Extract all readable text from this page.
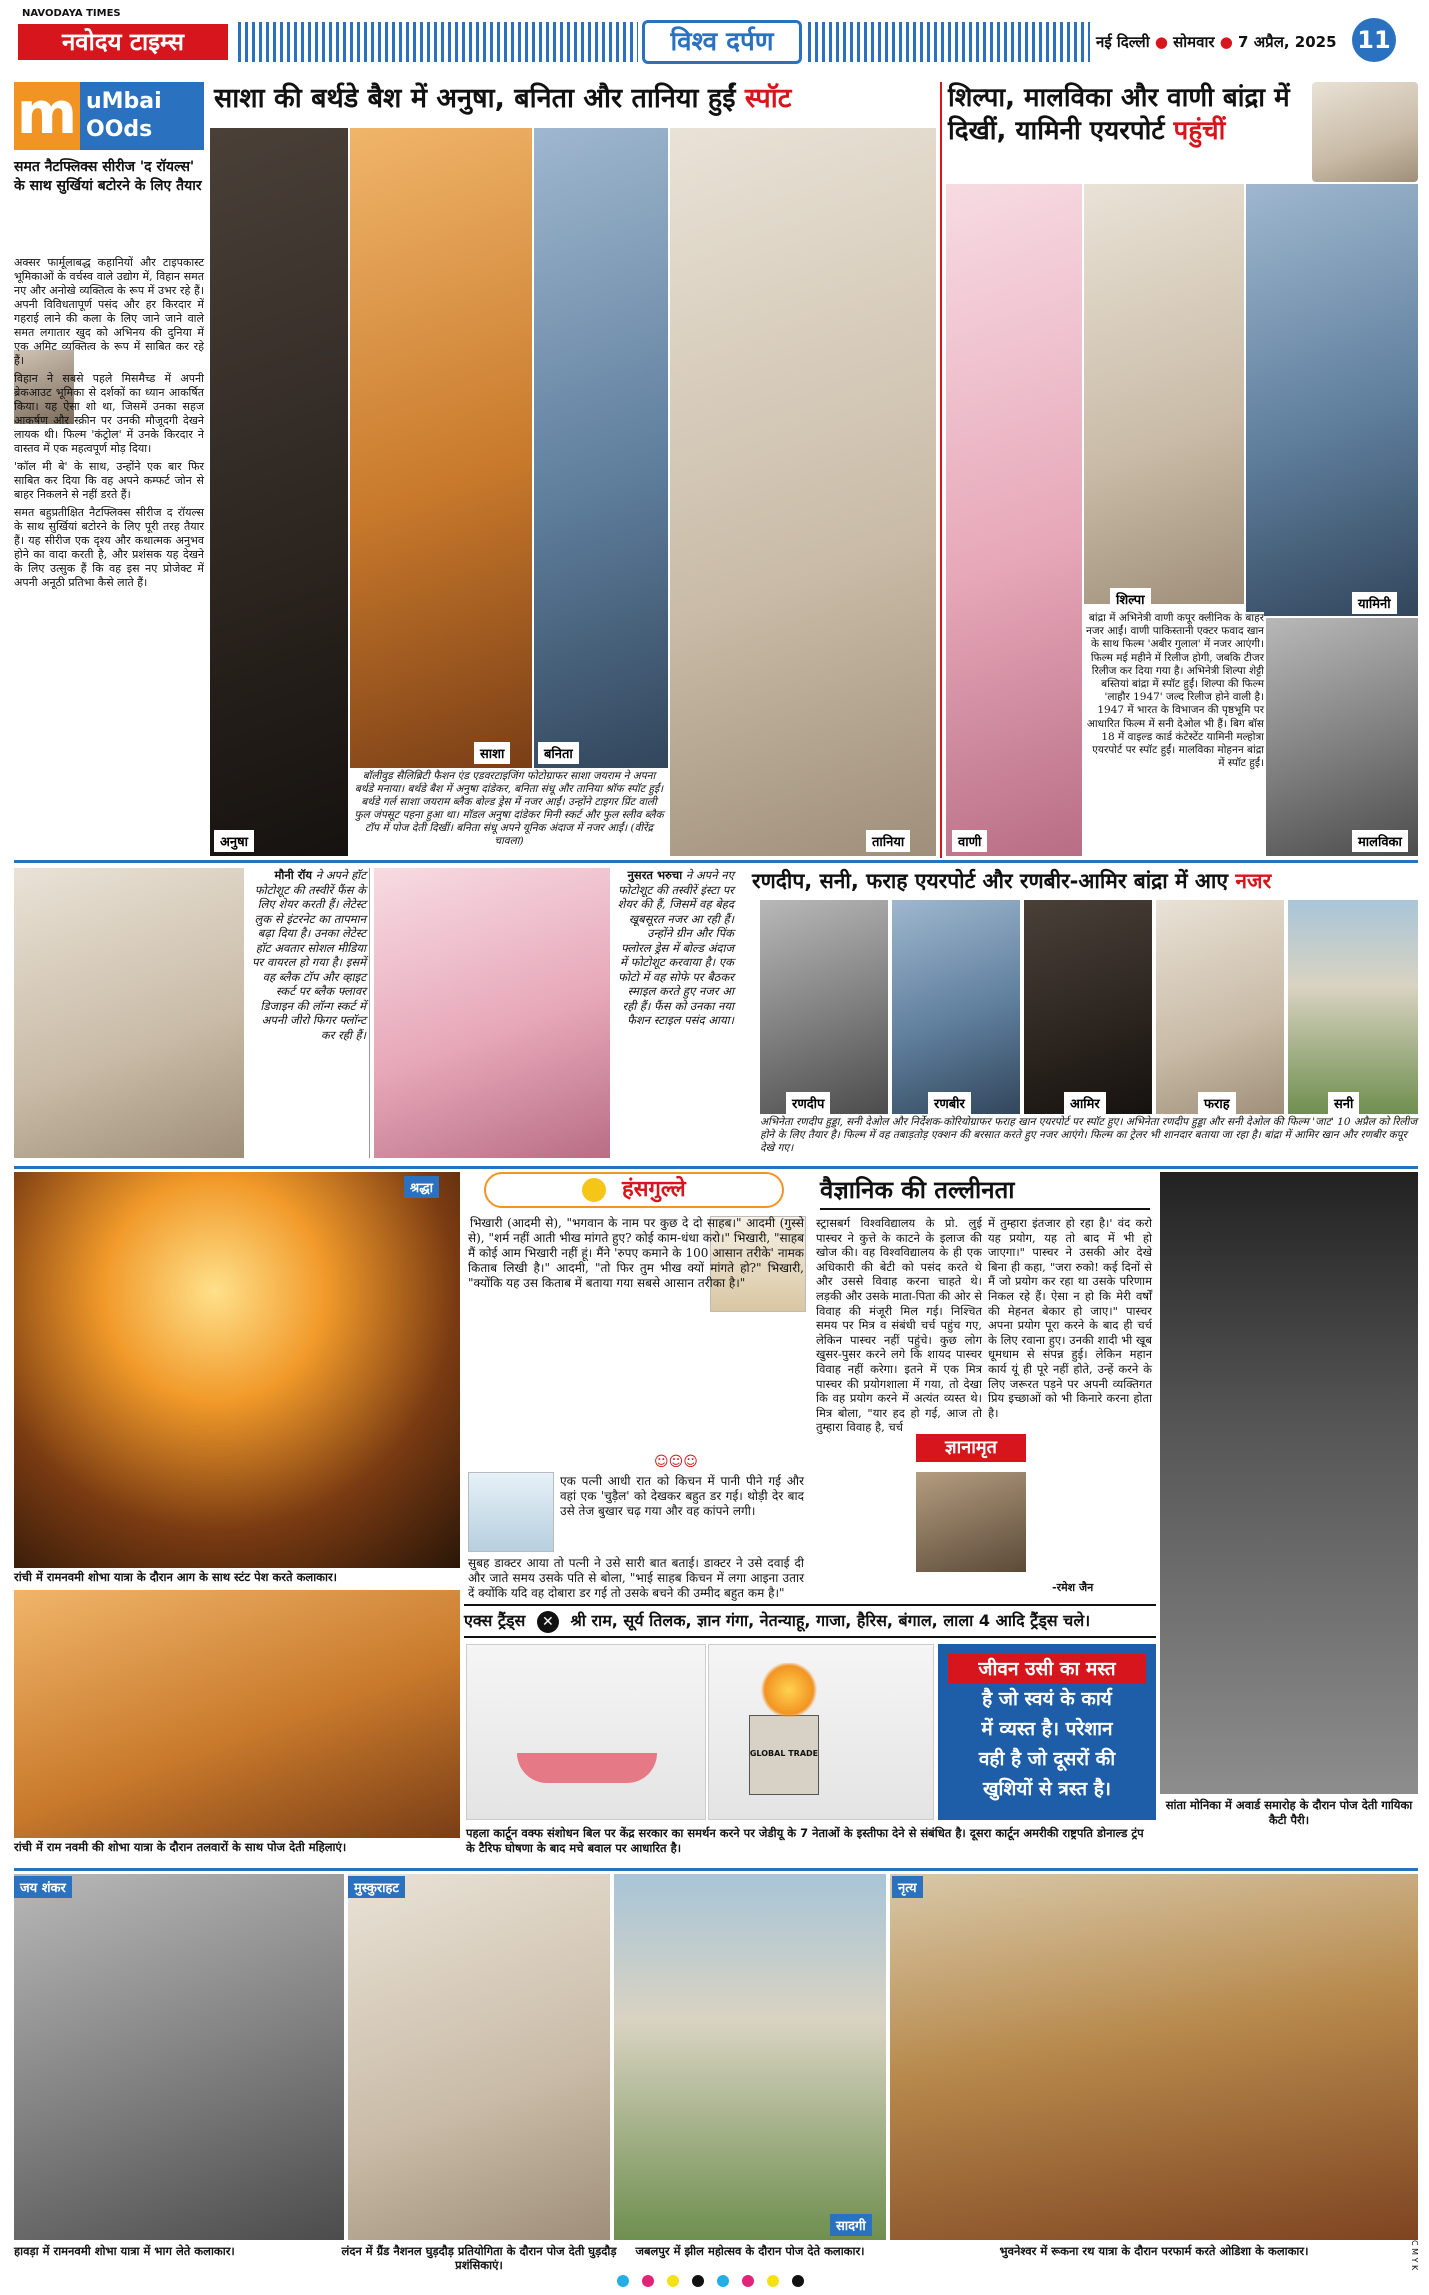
NAVODAYA TIMES
नवोदय टाइम्स	विश्व दर्पण	नई दिल्ली ● सोमवार ● 7 अप्रैल, 2025 11
m uMbai
OOds
समत नैटफ्लिक्स सीरीज 'द रॉयल्स' के साथ सुर्खियां बटोरने के लिए तैयार

अक्सर फार्मूलाबद्ध कहानियों और टाइपकास्ट भूमिकाओं के वर्चस्व वाले उद्योग में, विहान समत नए और अनोखे व्यक्तित्व के रूप में उभर रहे हैं। अपनी विविधतापूर्ण पसंद और हर किरदार में गहराई लाने की कला के लिए जाने जाने वाले समत लगातार खुद को अभिनय की दुनिया में एक अमिट व्यक्तित्व के रूप में साबित कर रहे हैं।

विहान ने सबसे पहले मिसमैच्ड में अपनी ब्रेकआउट भूमिका से दर्शकों का ध्यान आकर्षित किया। यह ऐसा शो था, जिसमें उनका सहज आकर्षण और स्क्रीन पर उनकी मौजूदगी देखने लायक थी। फिल्म 'कंट्रोल' में उनके किरदार ने वास्तव में एक महत्वपूर्ण मोड़ दिया।

'कॉल मी बे' के साथ, उन्होंने एक बार फिर साबित कर दिया कि वह अपने कम्फर्ट जोन से बाहर निकलने से नहीं डरते हैं।

समत बहुप्रतीक्षित नैटफ्लिक्स सीरीज द रॉयल्स के साथ सुर्खियां बटोरने के लिए पूरी तरह तैयार हैं। यह सीरीज एक दृश्य और कथात्मक अनुभव होने का वादा करती है, और प्रशंसक यह देखने के लिए उत्सुक हैं कि वह इस नए प्रोजेक्ट में अपनी अनूठी प्रतिभा कैसे लाते हैं।

साशा की बर्थडे बैश में अनुषा, बनिता और तानिया हुईं स्पॉट
अनुषा
साशा	बनिता
तानिया
बॉलीवुड सैलिब्रिटी फैशन एंड एडवरटाइजिंग फोटोग्राफर साशा जयराम ने अपना बर्थडे मनाया। बर्थडे बैश में अनुषा दांडेकर, बनिता संधू और तानिया श्रॉफ स्पॉट हुईं। बर्थडे गर्ल साशा जयराम ब्लैक बोल्ड ड्रेस में नजर आईं। उन्होंने टाइगर प्रिंट वाली फुल जंपसूट पहना हुआ था। मॉडल अनुषा दांडेकर मिनी स्कर्ट और फुल स्लीव ब्लैक टॉप में पोज देती दिखीं। बनिता संधू अपने यूनिक अंदाज में नजर आईं। (वीरेंद्र चावला)
शिल्पा, मालविका और वाणी बांद्रा में दिखीं, यामिनी एयरपोर्ट पहुंचीं
यामिनी
शिल्पा
वाणी	मालविका
बांद्रा में अभिनेत्री वाणी कपूर क्लीनिक के बाहर नजर आईं। वाणी पाकिस्तानी एक्टर फवाद खान के साथ फिल्म 'अबीर गुलाल' में नजर आएंगी। फिल्म मई महीने में रिलीज होगी, जबकि टीजर रिलीज कर दिया गया है। अभिनेत्री शिल्पा शेट्टी बस्तियां बांद्रा में स्पॉट हुईं। शिल्पा की फिल्म 'लाहौर 1947' जल्द रिलीज होने वाली है। 1947 में भारत के विभाजन की पृष्ठभूमि पर आधारित फिल्म में सनी देओल भी हैं। बिग बॉस 18 में वाइल्ड कार्ड कंटेस्टेंट यामिनी मल्होत्रा एयरपोर्ट पर स्पॉट हुईं। मालविका मोहनन बांद्रा में स्पॉट हुईं।
मौनी रॉय ने अपने हॉट फोटोशूट की तस्वीरें फैंस के लिए शेयर करती हैं। लेटेस्ट लुक से इंटरनेट का तापमान बढ़ा दिया है। उनका लेटेस्ट हॉट अवतार सोशल मीडिया पर वायरल हो गया है। इसमें वह ब्लैक टॉप और व्हाइट स्कर्ट पर ब्लैक फ्लावर डिजाइन की लॉन्ग स्कर्ट में अपनी जीरो फिगर फ्लॉन्ट कर रही हैं।
नुसरत भरुचा ने अपने नए फोटोशूट की तस्वीरें इंस्टा पर शेयर की हैं, जिसमें वह बेहद खूबसूरत नजर आ रही हैं। उन्होंने ग्रीन और पिंक फ्लोरल ड्रेस में बोल्ड अंदाज में फोटोशूट करवाया है। एक फोटो में वह सोफे पर बैठकर स्माइल करते हुए नजर आ रही हैं। फैंस को उनका नया फैशन स्टाइल पसंद आया।
रणदीप, सनी, फराह एयरपोर्ट और रणबीर-आमिर बांद्रा में आए नजर
रणदीप	रणबीर	आमिर	फराह	सनी
अभिनेता रणदीप हुड्डा, सनी देओल और निर्देशक-कोरियोग्राफर फराह खान एयरपोर्ट पर स्पॉट हुए। अभिनेता रणदीप हुड्डा और सनी देओल की फिल्म 'जाट' 10 अप्रैल को रिलीज होने के लिए तैयार है। फिल्म में वह तबाड़तोड़ एक्शन की बरसात करते हुए नजर आएंगे। फिल्म का ट्रेलर भी शानदार बताया जा रहा है। बांद्रा में आमिर खान और रणबीर कपूर देखे गए।
श्रद्धा
रांची में रामनवमी शोभा यात्रा के दौरान आग के साथ स्टंट पेश करते कलाकार।
रांची में राम नवमी की शोभा यात्रा के दौरान तलवारों के साथ पोज देती महिलाएं।
हंसगुल्ले
भिखारी (आदमी से), "भगवान के नाम पर कुछ दे दो साहब।" आदमी (गुस्से से), "शर्म नहीं आती भीख मांगते हुए? कोई काम-धंधा करो।" भिखारी, "साहब मैं कोई आम भिखारी नहीं हूं। मैंने 'रुपए कमाने के 100 आसान तरीके' नामक किताब लिखी है।" आदमी, "तो फिर तुम भीख क्यों मांगते हो?" भिखारी, "क्योंकि यह उस किताब में बताया गया सबसे आसान तरीका है।"
☺☺☺
एक पत्नी आधी रात को किचन में पानी पीने गई और वहां एक 'चुड़ैल' को देखकर बहुत डर गई। थोड़ी देर बाद उसे तेज बुखार चढ़ गया और वह कांपने लगी।
सुबह डाक्टर आया तो पत्नी ने उसे सारी बात बताई। डाक्टर ने उसे दवाई दी और जाते समय उसके पति से बोला, "भाई साहब किचन में लगा आइना उतार दें क्योंकि यदि वह दोबारा डर गई तो उसके बचने की उम्मीद बहुत कम है।"
वैज्ञानिक की तल्लीनता
स्ट्रासबर्ग विश्वविद्यालय के प्रो. लुई पास्चर ने कुत्ते के काटने के इलाज की खोज की। वह विश्वविद्यालय के ही एक अधिकारी की बेटी को पसंद करते थे और उससे विवाह करना चाहते थे। लड़की और उसके माता-पिता की ओर से विवाह की मंजूरी मिल गई। निश्चित समय पर मित्र व संबंधी चर्च पहुंच गए, लेकिन पास्चर नहीं पहुंचे। कुछ लोग खुसर-पुसर करने लगे कि शायद पास्चर विवाह नहीं करेगा। इतने में एक मित्र पास्चर की प्रयोगशाला में गया, तो देखा कि वह प्रयोग करने में अत्यंत व्यस्त थे। मित्र बोला, "यार हद हो गई, आज तो तुम्हारा विवाह है, चर्च
में तुम्हारा इंतजार हो रहा है।' वंद करो यह प्रयोग, यह तो बाद में भी हो जाएगा।" पास्चर ने उसकी ओर देखे बिना ही कहा, "जरा रुको! कई दिनों से मैं जो प्रयोग कर रहा था उसके परिणाम निकल रहे हैं। ऐसा न हो कि मेरी वर्षों की मेहनत बेकार हो जाए।" पास्चर अपना प्रयोग पूरा करने के बाद ही चर्च के लिए रवाना हुए। उनकी शादी भी खूब धूमधाम से संपन्न हुई। लेकिन महान कार्य यूं ही पूरे नहीं होते, उन्हें करने के लिए जरूरत पड़ने पर अपनी व्यक्तिगत प्रिय इच्छाओं को भी किनारे करना होता है।
ज्ञानामृत
-रमेश जैन
सांता मोनिका में अवार्ड समारोह के दौरान पोज देती गायिका कैटी पैरी।
एक्स ट्रैंड्स ✕ श्री राम, सूर्य तिलक, ज्ञान गंगा, नेतन्याहू, गाजा, हैरिस, बंगाल, लाला 4 आदि ट्रैंड्स चले।
GLOBAL TRADE
जीवन उसी का मस्त
है जो स्वयं के कार्य
में व्यस्त है। परेशान
वही है जो दूसरों की
खुशियों से त्रस्त है।
पहला कार्टून वक्फ संशोधन बिल पर केंद्र सरकार का समर्थन करने पर जेडीयू के 7 नेताओं के इस्तीफा देने से संबंधित है। दूसरा कार्टून अमरीकी राष्ट्रपति डोनाल्ड ट्रंप के टैरिफ घोषणा के बाद मचे बवाल पर आधारित है।
जय शंकर
हावड़ा में रामनवमी शोभा यात्रा में भाग लेते कलाकार।
मुस्कुराहट
लंदन में ग्रैंड नैशनल घुड़दौड़ प्रतियोगिता के दौरान पोज देती घुड़दौड़ प्रशंसिकाएं।
सादगी
जबलपुर में झील महोत्सव के दौरान पोज देते कलाकार।
नृत्य
भुवनेश्वर में रूकना रथ यात्रा के दौरान परफार्म करते ओडिशा के कलाकार।
	C M Y K
